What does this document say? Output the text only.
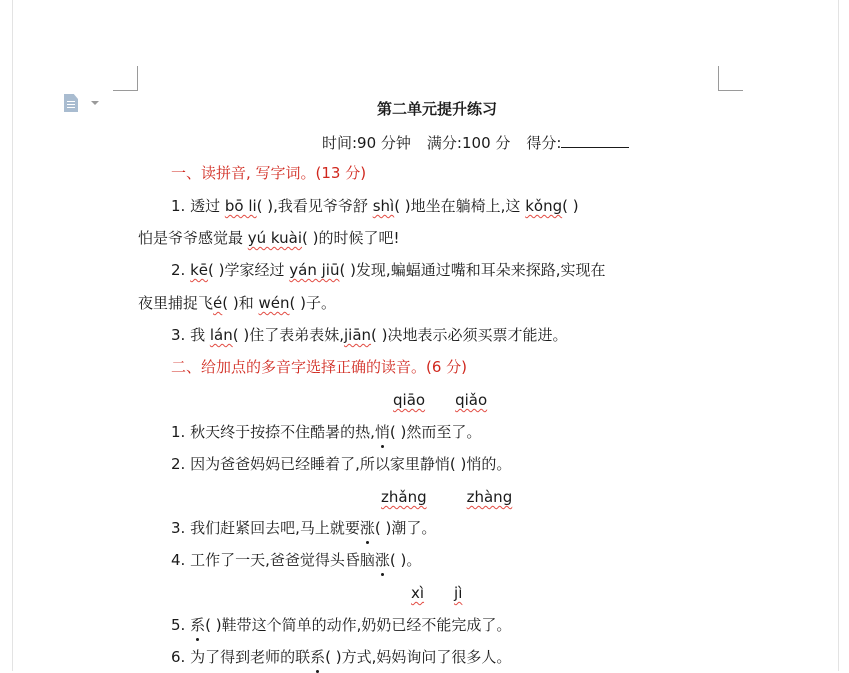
第二单元提升练习
时间:90 分钟 满分:100 分 得分:
一、读拼音, 写字词。(13 分)
1. 透过 bō li( ),我看见爷爷舒 shì( )地坐在躺椅上,这 kǒng( )
怕是爷爷感觉最 yú kuài( )的时候了吧!
2. kē( )学家经过 yán jiū( )发现,蝙蝠通过嘴和耳朵来探路,实现在
夜里捕捉飞é( )和 wén( )子。
3. 我 lán( )住了表弟表妹,jiān( )决地表示必须买票才能进。
二、给加点的多音字选择正确的读音。(6 分)
qiāo qiǎo
1. 秋天终于按捺不住酷暑的热,悄( )然而至了。
2. 因为爸爸妈妈已经睡着了,所以家里静悄( )悄的。
zhǎng	zhàng
3. 我们赶紧回去吧,马上就要涨( )潮了。
4. 工作了一天,爸爸觉得头昏脑涨( )。
xì jì
5. 系( )鞋带这个简单的动作,奶奶已经不能完成了。
6. 为了得到老师的联系( )方式,妈妈询问了很多人。
